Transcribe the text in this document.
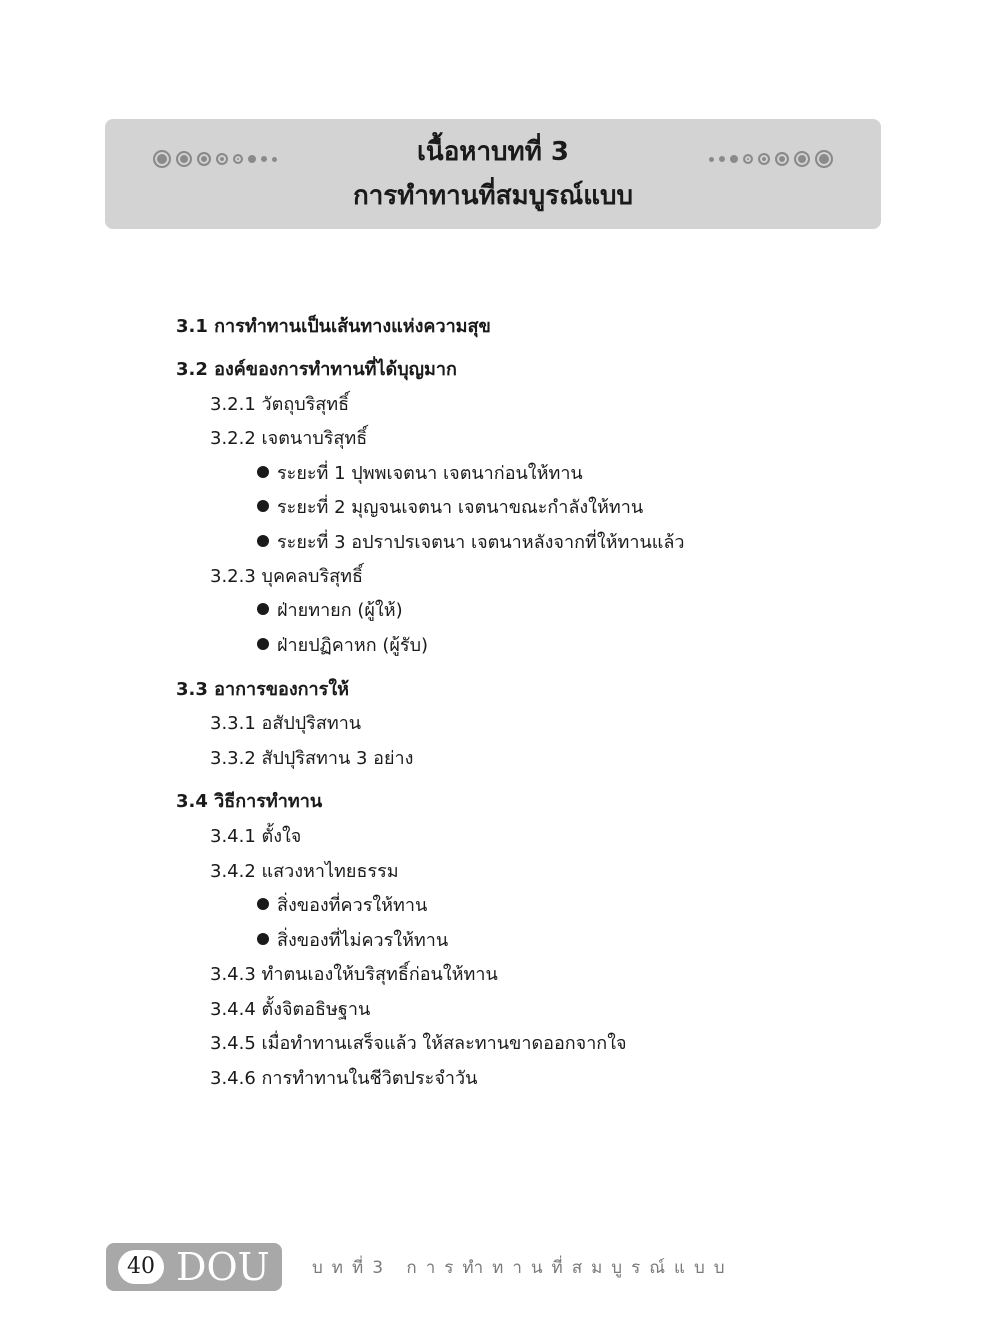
เนื้อหาบทที่ 3
การทำทานที่สมบูรณ์แบบ
3.1 การทำทานเป็นเส้นทางแห่งความสุข
3.2 องค์ของการทำทานที่ได้บุญมาก
3.2.1 วัตถุบริสุทธิ์
3.2.2 เจตนาบริสุทธิ์
ระยะที่ 1 ปุพพเจตนา เจตนาก่อนให้ทาน
ระยะที่ 2 มุญจนเจตนา เจตนาขณะกำลังให้ทาน
ระยะที่ 3 อปราปรเจตนา เจตนาหลังจากที่ให้ทานแล้ว
3.2.3 บุคคลบริสุทธิ์
ฝ่ายทายก (ผู้ให้)
ฝ่ายปฏิคาหก (ผู้รับ)
3.3 อาการของการให้
3.3.1 อสัปปุริสทาน
3.3.2 สัปปุริสทาน 3 อย่าง
3.4 วิธีการทำทาน
3.4.1 ตั้งใจ
3.4.2 แสวงหาไทยธรรม
สิ่งของที่ควรให้ทาน
สิ่งของที่ไม่ควรให้ทาน
3.4.3 ทำตนเองให้บริสุทธิ์ก่อนให้ทาน
3.4.4 ตั้งจิตอธิษฐาน
3.4.5 เมื่อทำทานเสร็จแล้ว ให้สละทานขาดออกจากใจ
3.4.6 การทำทานในชีวิตประจำวัน
40 DOU บทที่3 การทำทานที่สมบูรณ์แบบ
